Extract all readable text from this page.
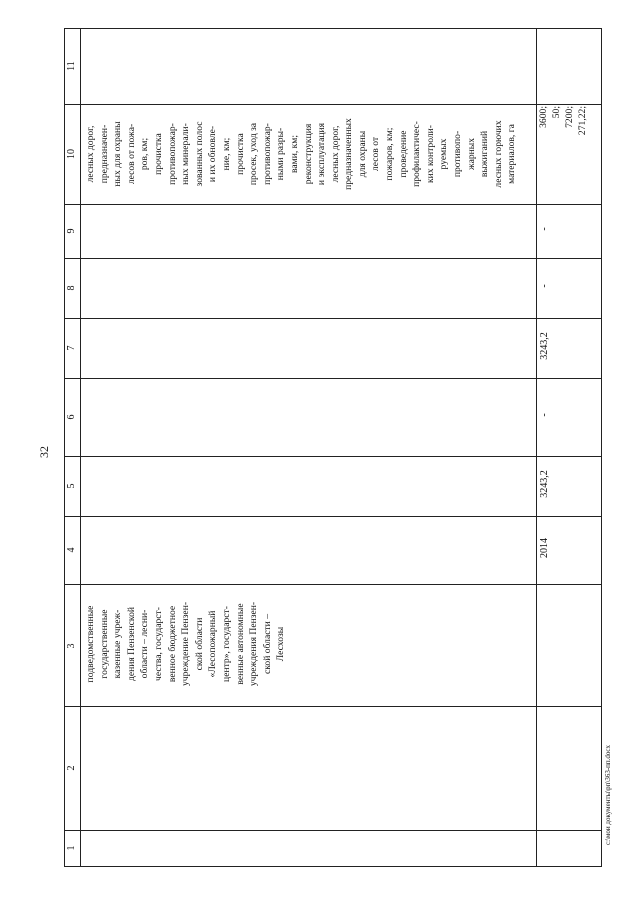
32
1
2
3
4
5
6
7
8
9
10
11
подведомственные
государственные
казенные учреж-
дения Пензенской
области – лесни-
чества, государст-
венное бюджетное
учреждение Пензен-
ской области
«Лесопожарный
центр», государст-
венные автономные
учреждения Пензен-
ской области –
Лесхозы
лесных дорог,
предназначен-
ных для охраны
лесов от пожа-
ров, км;
прочистка
противопожар-
ных минерали-
зованных полос
и их обновле-
ние, км;
прочистка
просек, уход за
противопожар-
ными разры-
вами, км;
реконструкция
и эксплуатация
лесных дорог,
предназначенных
для охраны
лесов от
пожаров, км;
проведение
профилактичес-
ких контроли-
руемых
противопо-
жарных
выжиганий
лесных горючих
материалов, га
3600;
50;
7200;
271,22;
2014
3243,2
-
3243,2
-
-
c:\мои документы\рп\363-пп.docx
